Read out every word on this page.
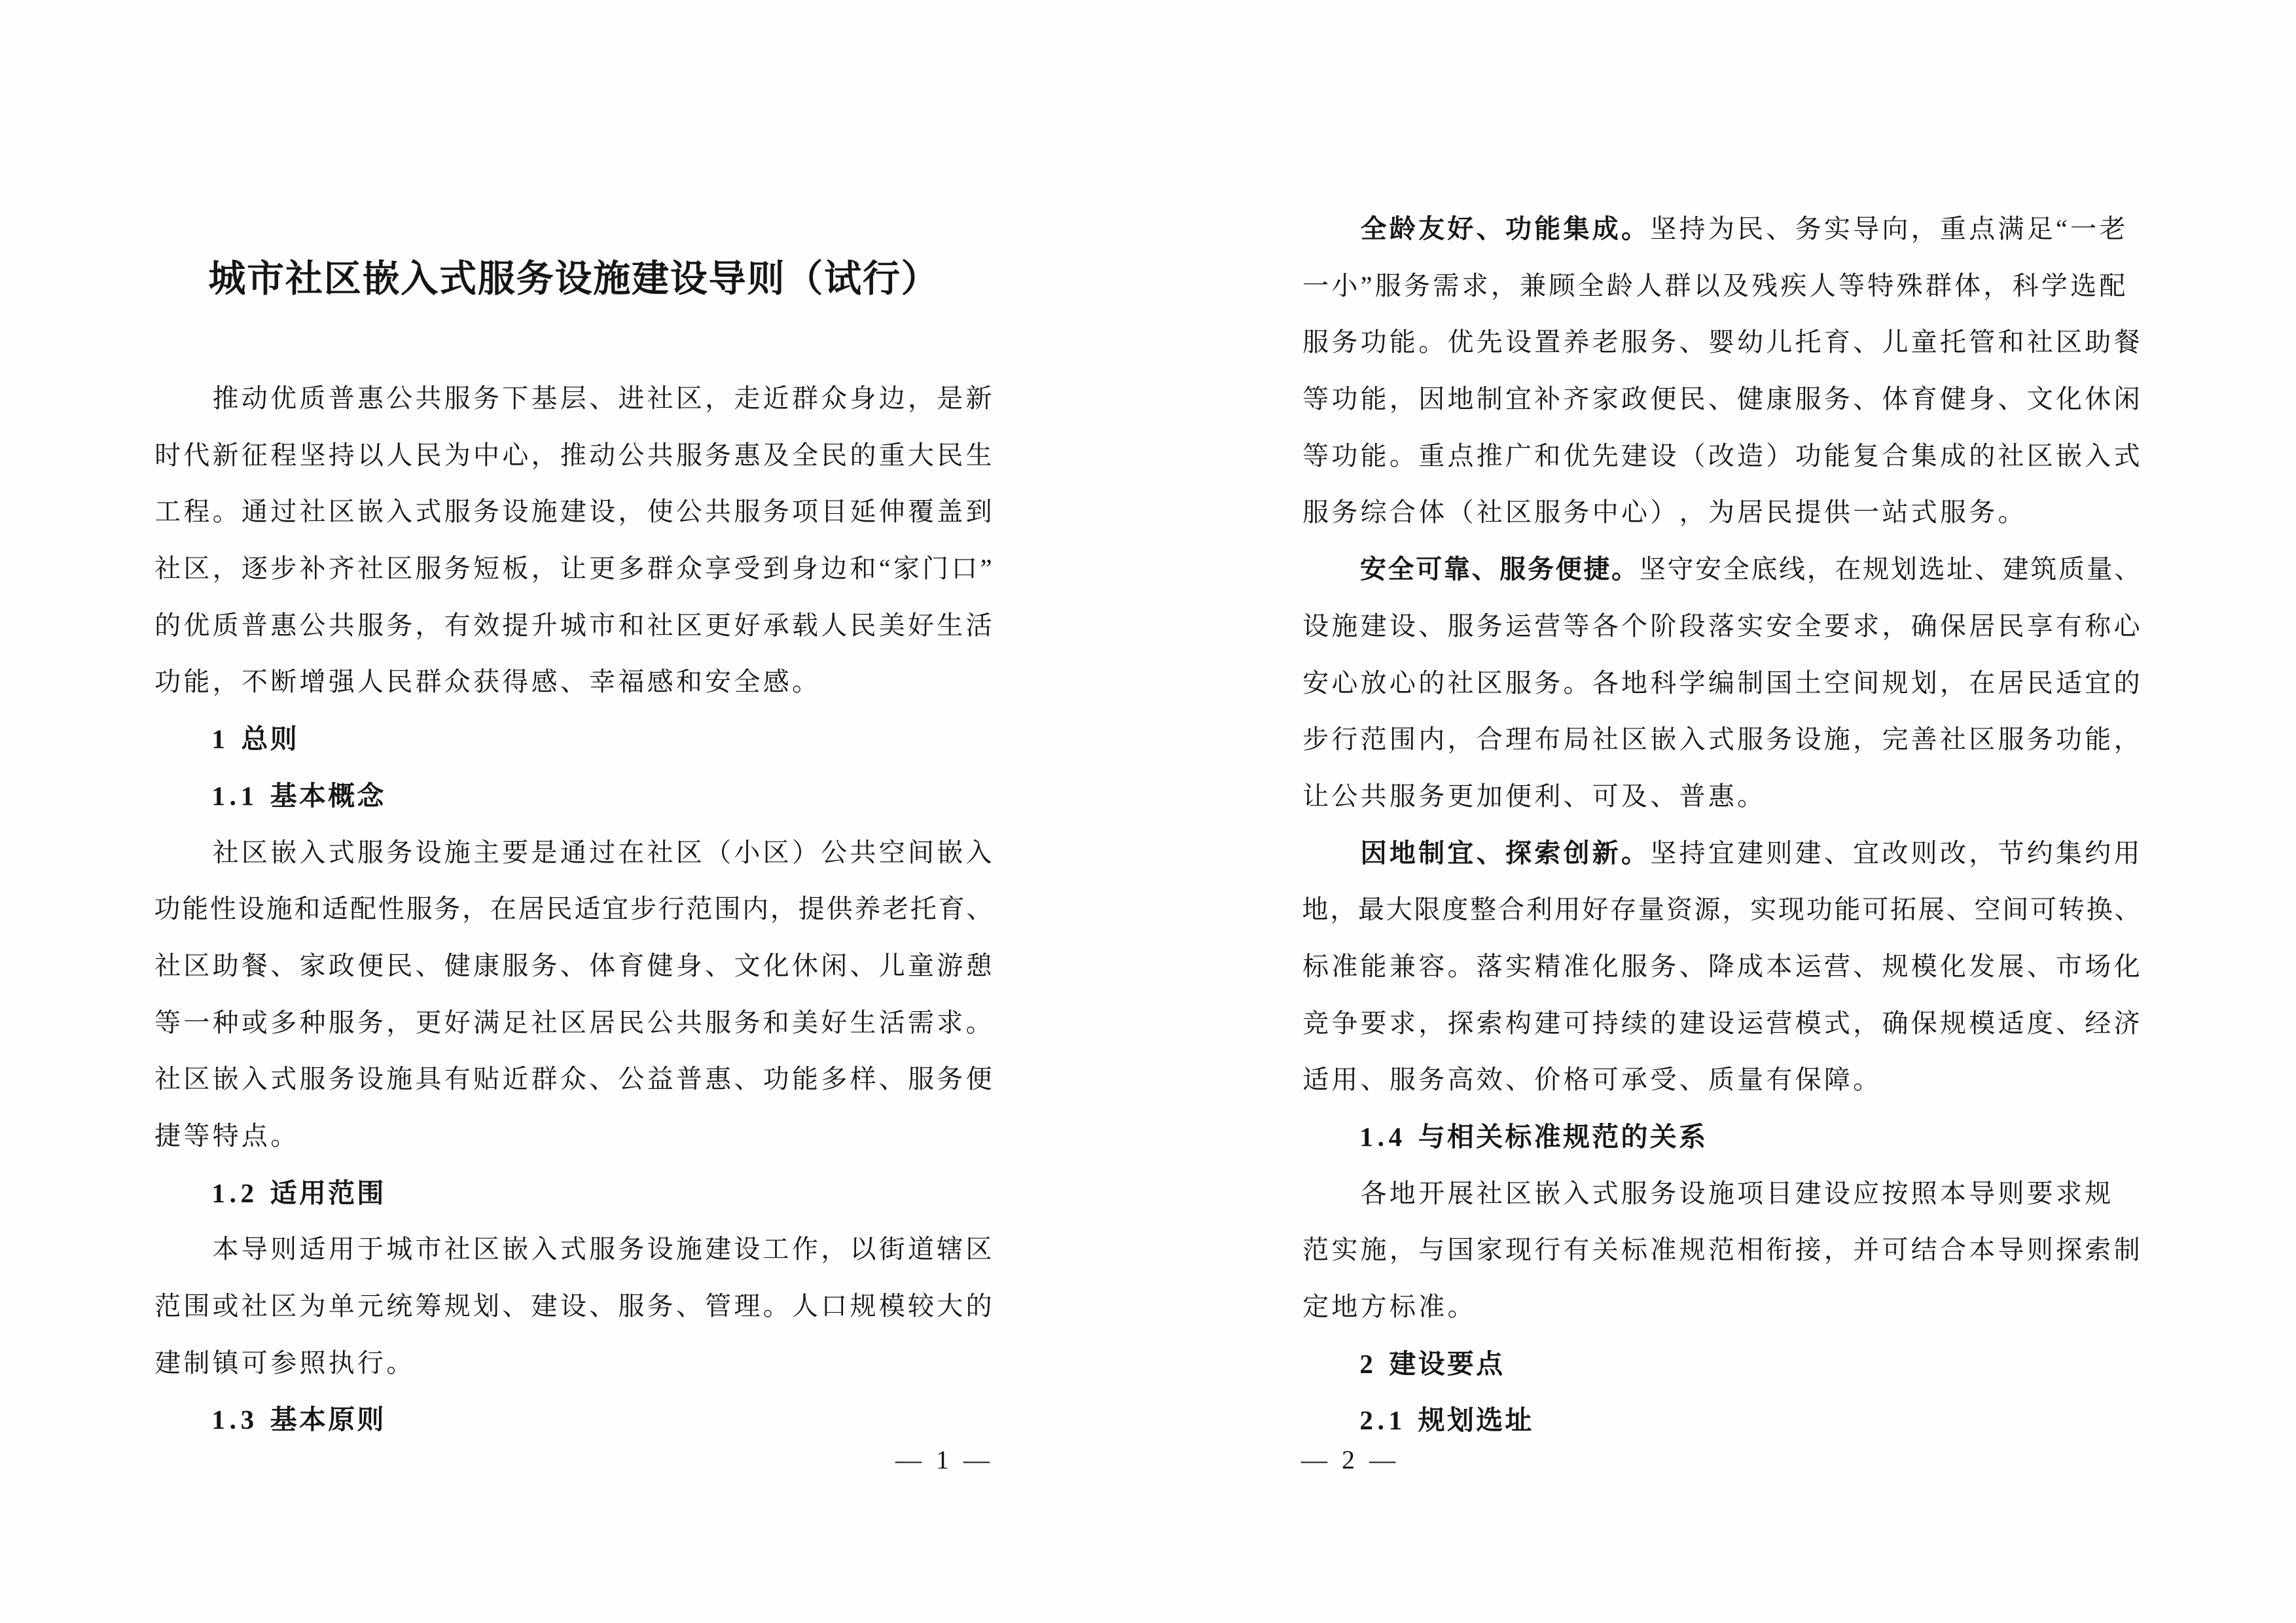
城市社区嵌入式服务设施建设导则（试行）
推 动 优 质 普 惠 公 共 服 务 下 基 层 、 进 社 区 ， 走 近 群 众 身 边 ， 是 新
时 代 新 征 程 坚 持 以 人 民 为 中 心 ， 推 动 公 共 服 务 惠 及 全 民 的 重 大 民 生
工 程 。 通 过 社 区 嵌 入 式 服 务 设 施 建 设 ， 使 公 共 服 务 项 目 延 伸 覆 盖 到
社 区 ， 逐 步 补 齐 社 区 服 务 短 板 ， 让 更 多 群 众 享 受 到 身 边 和 “ 家 门 口 ”
的 优 质 普 惠 公 共 服 务 ， 有 效 提 升 城 市 和 社 区 更 好 承 载 人 民 美 好 生 活
功 能 ， 不 断 增 强 人 民 群 众 获 得 感 、 幸 福 感 和 安 全 感 。
1 总则
1 . 1 基本概念
社 区 嵌 入 式 服 务 设 施 主 要 是 通 过 在 社 区 （ 小 区 ） 公 共 空 间 嵌 入
功能性设施和适配性服务，在居民适宜步行范围内，提供养老托育、
社 区 助 餐 、 家 政 便 民 、 健 康 服 务 、 体 育 健 身 、 文 化 休 闲 、 儿 童 游 憩
等 一 种 或 多 种 服 务 ， 更 好 满 足 社 区 居 民 公 共 服 务 和 美 好 生 活 需 求 。
社 区 嵌 入 式 服 务 设 施 具 有 贴 近 群 众 、 公 益 普 惠 、 功 能 多 样 、 服 务 便
捷 等 特 点 。
1 . 2 适用范围
本 导 则 适 用 于 城 市 社 区 嵌 入 式 服 务 设 施 建 设 工 作 ， 以 街 道 辖 区
范 围 或 社 区 为 单 元 统 筹 规 划 、 建 设 、 服 务 、 管 理 。 人 口 规 模 较 大 的
建 制 镇 可 参 照 执 行 。
1 . 3 基本原则
— 1 —
全 龄 友 好 、 功 能 集 成 。 坚 持 为 民 、 务 实 导 向 ， 重 点 满 足 “ 一 老
一 小 ” 服 务 需 求 ， 兼 顾 全 龄 人 群 以 及 残 疾 人 等 特 殊 群 体 ， 科 学 选 配
服 务 功 能 。 优 先 设 置 养 老 服 务 、 婴 幼 儿 托 育 、 儿 童 托 管 和 社 区 助 餐
等 功 能 ， 因 地 制 宜 补 齐 家 政 便 民 、 健 康 服 务 、 体 育 健 身 、 文 化 休 闲
等 功 能 。 重 点 推 广 和 优 先 建 设 （ 改 造 ） 功 能 复 合 集 成 的 社 区 嵌 入 式
服 务 综 合 体 （ 社 区 服 务 中 心 ） ， 为 居 民 提 供 一 站 式 服 务 。
安全可靠、服务便捷。坚守安全底线，在规划选址、建筑质量、
设 施 建 设 、 服 务 运 营 等 各 个 阶 段 落 实 安 全 要 求 ， 确 保 居 民 享 有 称 心
安 心 放 心 的 社 区 服 务 。 各 地 科 学 编 制 国 土 空 间 规 划 ， 在 居 民 适 宜 的
步 行 范 围 内 ， 合 理 布 局 社 区 嵌 入 式 服 务 设 施 ， 完 善 社 区 服 务 功 能 ，
让 公 共 服 务 更 加 便 利 、 可 及 、 普 惠 。
因 地 制 宜 、 探 索 创 新 。 坚 持 宜 建 则 建 、 宜 改 则 改 ， 节 约 集 约 用
地，最大限度整合利用好存量资源，实现功能可拓展、空间可转换、
标 准 能 兼 容 。 落 实 精 准 化 服 务 、 降 成 本 运 营 、 规 模 化 发 展 、 市 场 化
竞 争 要 求 ， 探 索 构 建 可 持 续 的 建 设 运 营 模 式 ， 确 保 规 模 适 度 、 经 济
适 用 、 服 务 高 效 、 价 格 可 承 受 、 质 量 有 保 障 。
1 . 4 与相关标准规范的关系
各 地 开 展 社 区 嵌 入 式 服 务 设 施 项 目 建 设 应 按 照 本 导 则 要 求 规
范 实 施 ， 与 国 家 现 行 有 关 标 准 规 范 相 衔 接 ， 并 可 结 合 本 导 则 探 索 制
定 地 方 标 准 。
2 建设要点
2 . 1 规划选址
— 2 —
